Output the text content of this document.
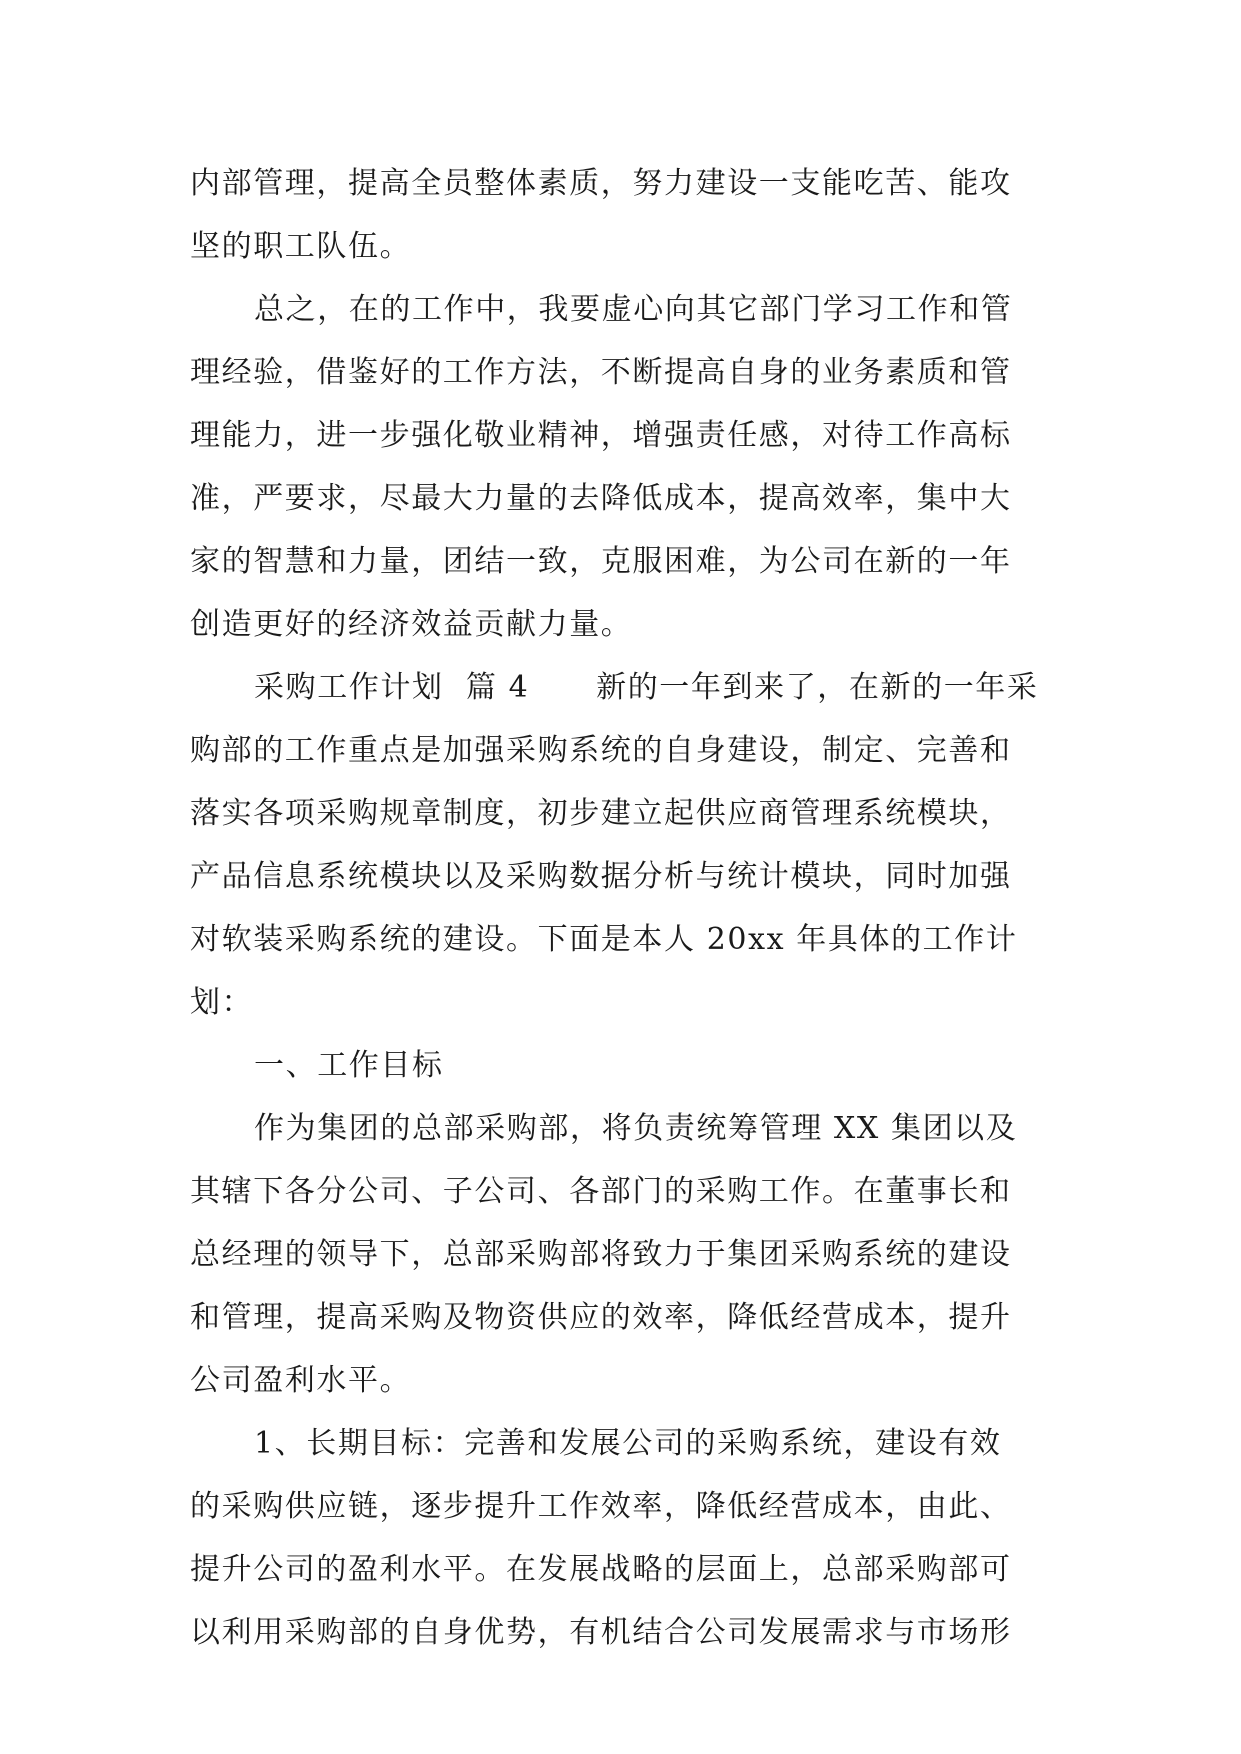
内部管理，提高全员整体素质，努力建设一支能吃苦、能攻
坚的职工队伍。
总之，在的工作中，我要虚心向其它部门学习工作和管
理经验，借鉴好的工作方法，不断提高自身的业务素质和管
理能力，进一步强化敬业精神，增强责任感，对待工作高标
准，严要求，尽最大力量的去降低成本，提高效率，集中大
家的智慧和力量，团结一致，克服困难，为公司在新的一年
创造更好的经济效益贡献力量。
采购工作计划  篇 4      新的一年到来了，在新的一年采
购部的工作重点是加强采购系统的自身建设，制定、完善和
落实各项采购规章制度，初步建立起供应商管理系统模块，
产品信息系统模块以及采购数据分析与统计模块，同时加强
对软装采购系统的建设。下面是本人 20xx 年具体的工作计
划：
一、工作目标
作为集团的总部采购部，将负责统筹管理 XX 集团以及
其辖下各分公司、子公司、各部门的采购工作。在董事长和
总经理的领导下，总部采购部将致力于集团采购系统的建设
和管理，提高采购及物资供应的效率，降低经营成本，提升
公司盈利水平。
1、长期目标：完善和发展公司的采购系统，建设有效
的采购供应链，逐步提升工作效率，降低经营成本，由此、
提升公司的盈利水平。在发展战略的层面上，总部采购部可
以利用采购部的自身优势，有机结合公司发展需求与市场形
